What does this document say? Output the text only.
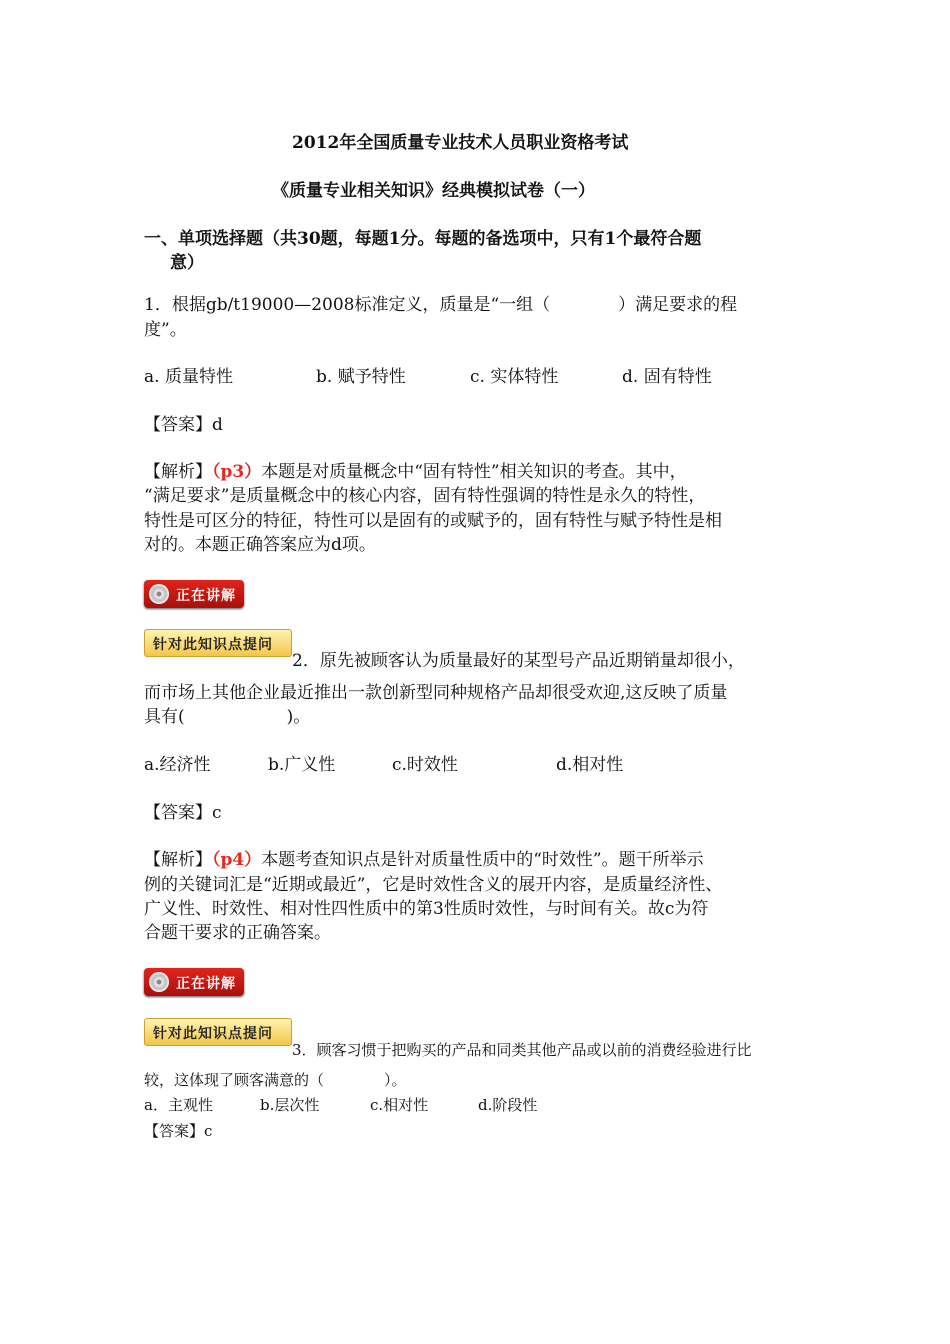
2012年全国质量专业技术人员职业资格考试
《质量专业相关知识》经典模拟试卷（一）
一、单项选择题（共30题，每题1分。每题的备选项中，只有1个最符合题
意）
1．根据gb/t19000—2008标准定义，质量是“一组（　　　　）满足要求的程
度”。
a. 质量特性	b. 赋予特性	c. 实体特性	d. 固有特性
【答案】d
【解析】（p3）本题是对质量概念中“固有特性”相关知识的考查。其中，
“满足要求”是质量概念中的核心内容，固有特性强调的特性是永久的特性，
特性是可区分的特征，特性可以是固有的或赋予的，固有特性与赋予特性是相
对的。本题正确答案应为d项。
正在讲解
针对此知识点提问
2．原先被顾客认为质量最好的某型号产品近期销量却很小，
而市场上其他企业最近推出一款创新型同种规格产品却很受欢迎,这反映了质量
具有(　　　　　　)。
a.经济性	b.广义性	c.时效性	d.相对性
【答案】c
【解析】（p4）本题考查知识点是针对质量性质中的“时效性”。题干所举示
例的关键词汇是“近期或最近”，它是时效性含义的展开内容，是质量经济性、
广义性、时效性、相对性四性质中的第3性质时效性，与时间有关。故c为符
合题干要求的正确答案。
正在讲解
针对此知识点提问
3．顾客习惯于把购买的产品和同类其他产品或以前的消费经验进行比
较，这体现了顾客满意的（　　　　）。
a．主观性	b.层次性	c.相对性	d.阶段性
【答案】c
